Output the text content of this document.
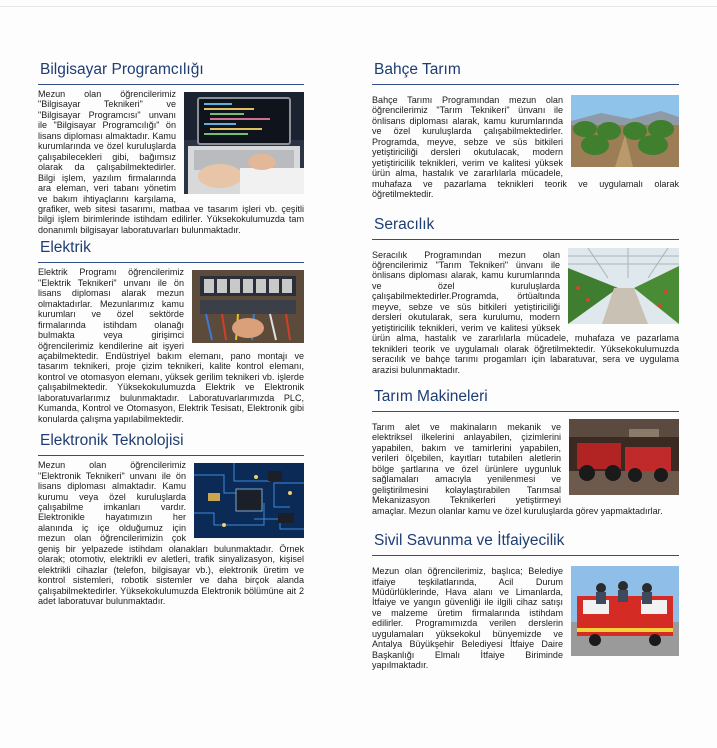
Bilgisayar Programcılığı

Mezun olan öğrencilerimiz "Bilgisayar Teknikeri" ve "Bilgisayar Programcısı" unvanı ile "Bilgisayar Programcılığı" ön lisans diploması almaktadır. Kamu kurumlarında ve özel kuruluşlarda çalışabilecekleri gibi, bağımsız olarak da çalışabilmektedirler. Bilgi işlem, yazılım firmalarında ara eleman, veri tabanı yönetim ve bakım ihtiyaçlarını karşılama, grafiker, web sitesi tasarımı, matbaa ve tasarım işleri vb. çeşitli bilgi işlem birimlerinde istihdam edilirler. Yüksekokulumuzda tam donanımlı bilgisayar laboratuvarları bulunmaktadır.

Elektrik

Elektrik Programı öğrencilerimiz "Elektrik Teknikeri" unvanı ile ön lisans diploması alarak mezun olmaktadırlar. Mezunlarımız kamu kurumları ve özel sektörde firmalarında istihdam olanağı bulmakta veya girişimci öğrencilerimiz kendilerine ait işyeri açabilmektedir. Endüstriyel bakım elemanı, pano montajı ve tasarım teknikeri, proje çizim teknikeri, kalite kontrol elemanı, kontrol ve otomasyon elemanı, yüksek gerilim teknikeri vb. işlerde çalışabilmektedir. Yüksekokulumuzda Elektrik ve Elektronik laboratuvarlarımız bulunmaktadır. Laboratuvarlarımızda PLC, Kumanda, Kontrol ve Otomasyon, Elektrik Tesisatı, Elektronik gibi konularda çalışma yapılabilmektedir.

Elektronik Teknolojisi

Mezun olan öğrencilerimiz "Elektronik Teknikeri" unvanı ile ön lisans diploması almaktadır. Kamu kurumu veya özel kuruluşlarda çalışabilme imkanları vardır. Elektronikle hayatımızın her alanında iç içe olduğumuz için mezun olan öğrencilerimizin çok geniş bir yelpazede istihdam olanakları bulunmaktadır. Örnek olarak; otomotiv, elektrikli ev aletleri, trafik sinyalizasyon, kişisel elektrikli cihazlar (telefon, bilgisayar vb.), elektronik üretim ve kontrol sistemleri, robotik sistemler ve daha birçok alanda çalışabilmektedirler. Yüksekokulumuzda Elektronik bölümüne ait 2 adet laboratuvar bulunmaktadır.

Bahçe Tarım

Bahçe Tarımı Programından mezun olan öğrencilerimiz "Tarım Teknikeri" ünvanı ile önlisans diploması alarak, kamu kurumlarında ve özel kuruluşlarda çalışabilmektedirler. Programda, meyve, sebze ve süs bitkileri yetiştiriciliği dersleri okutulacak, modern yetiştiricilik teknikleri, verim ve kalitesi yüksek ürün alma, hastalık ve zararlılarla mücadele, muhafaza ve pazarlama teknikleri teorik ve uygulamalı olarak öğretilmektedir.

Seracılık

Seracılık Programından mezun olan öğrencilerimiz "Tarım Teknikeri" ünvanı ile önlisans diploması alarak, kamu kurumlarında ve özel kuruluşlarda çalışabilmektedirler.Programda, örtüaltında meyve, sebze ve süs bitkileri yetiştiriciliği dersleri okutularak, sera kurulumu, modern yetiştiricilik teknikleri, verim ve kalitesi yüksek ürün alma, hastalık ve zararlılarla mücadele, muhafaza ve pazarlama teknikleri teorik ve uygulamalı olarak öğretilmektedir. Yüksekokulumuzda seracılık ve bahçe tarımı progamları için labaratuvar, sera ve uygulama arazisi bulunmaktadır.

Tarım Makineleri

Tarım alet ve makinaların mekanik ve elektriksel ilkelerini anlayabilen, çizimlerini yapabilen, bakım ve tamirlerini yapabilen, verileri ölçebilen, kayıtları tutabilen aletlerin bölge şartlarına ve özel ürünlere uygunluk sağlamaları amacıyla yenilenmesi ve geliştirilmesini kolaylaştırabilen Tarımsal Mekanizasyon Teknikerleri yetiştirmeyi amaçlar. Mezun olanlar kamu ve özel kuruluşlarda görev yapmaktadırlar.

Sivil Savunma ve İtfaiyecilik

Mezun olan öğrencilerimiz, başlıca; Belediye itfaiye teşkilatlarında, Acil Durum Müdürlüklerinde, Hava alanı ve Limanlarda, İtfaiye ve yangın güvenliği ile ilgili cihaz satışı ve malzeme üretim firmalarında istihdam edilirler. Programımızda verilen derslerin uygulamaları yüksekokul bünyemizde ve Antalya Büyükşehir Belediyesi İtfaiye Daire Başkanlığı Elmalı İtfaiye Biriminde yapılmaktadır.
